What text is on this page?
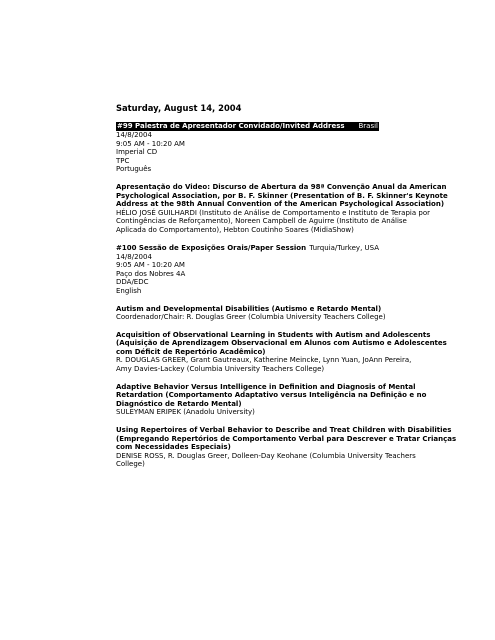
Saturday, August 14, 2004
#99 Palestra de Apresentador Convidado/Invited Address Brasil
14/8/2004
9:05 AM - 10:20 AM
Imperial CD
TPC
Português
Apresentação do Video: Discurso de Abertura da 98ª Convenção Anual da American
Psychological Association, por B. F. Skinner (Presentation of B. F. Skinner's Keynote
Address at the 98th Annual Convention of the American Psychological Association)
HÉLIO JOSÉ GUILHARDI (Instituto de Análise de Comportamento e Instituto de Terapia por
Contingências de Reforçamento), Noreen Campbell de Aguirre (Instituto de Análise
Aplicada do Comportamento), Hebton Coutinho Soares (MidiaShow)
#100 Sessão de Exposições Orais/Paper Session Turquia/Turkey, USA
14/8/2004
9:05 AM - 10:20 AM
Paço dos Nobres 4A
DDA/EDC
English
Autism and Developmental Disabilities (Autismo e Retardo Mental)
Coordenador/Chair: R. Douglas Greer (Columbia University Teachers College)
Acquisition of Observational Learning in Students with Autism and Adolescents
(Aquisição de Aprendizagem Observacional em Alunos com Autismo e Adolescentes
com Déficit de Repertório Acadêmico)
R. DOUGLAS GREER, Grant Gautreaux, Katherine Meincke, Lynn Yuan, JoAnn Pereira,
Amy Davies-Lackey (Columbia University Teachers College)
Adaptive Behavior Versus Intelligence in Definition and Diagnosis of Mental
Retardation (Comportamento Adaptativo versus Inteligência na Definição e no
Diagnóstico de Retardo Mental)
SULEYMAN ERIPEK (Anadolu University)
Using Repertoires of Verbal Behavior to Describe and Treat Children with Disabilities
(Empregando Repertórios de Comportamento Verbal para Descrever e Tratar Crianças
com Necessidades Especiais)
DENISE ROSS, R. Douglas Greer, Dolleen-Day Keohane (Columbia University Teachers
College)
